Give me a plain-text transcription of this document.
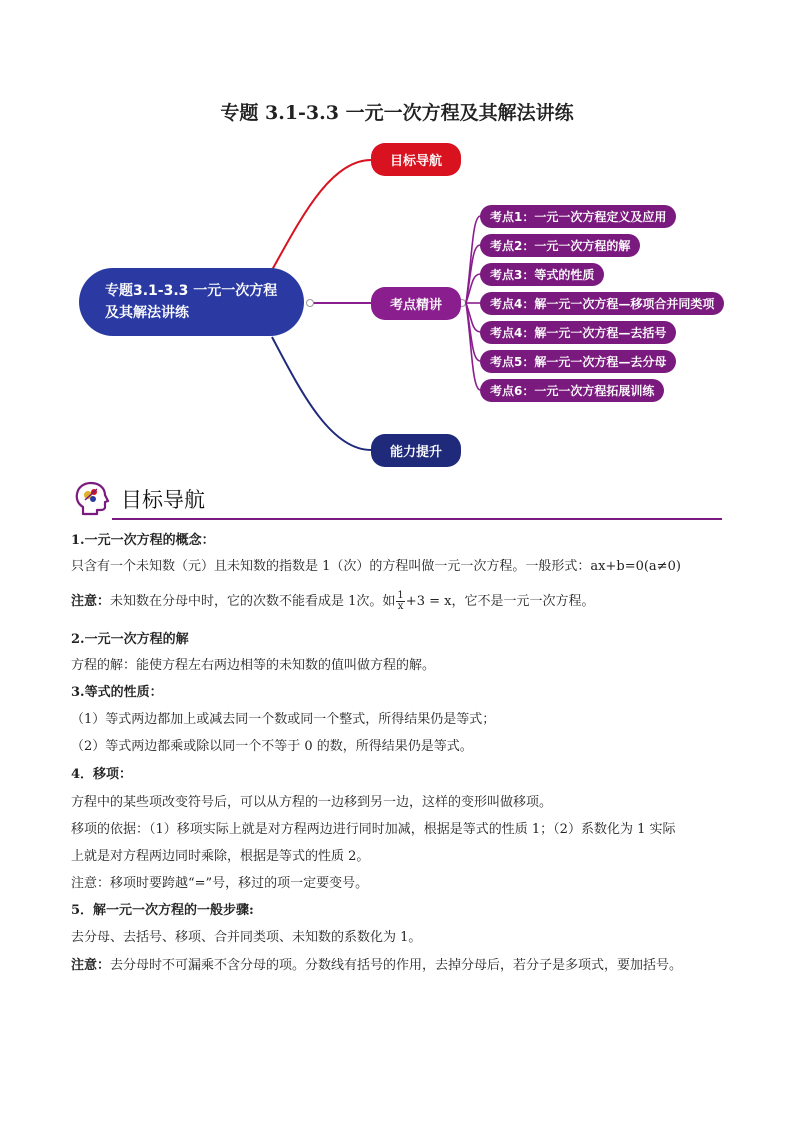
专题 3.1-3.3 一元一次方程及其解法讲练
专题3.1-3.3 一元一次方程
及其解法讲练
目标导航
考点精讲
能力提升
考点1：一元一次方程定义及应用
考点2：一元一次方程的解
考点3：等式的性质
考点4：解一元一次方程—移项合并同类项
考点4：解一元一次方程—去括号
考点5：解一元一次方程—去分母
考点6：一元一次方程拓展训练
目标导航
1.一元一次方程的概念：
只含有一个未知数（元）且未知数的指数是 1（次）的方程叫做一元一次方程。一般形式：ax+b=0(a≠0)
注意：未知数在分母中时，它的次数不能看成是 1次。如 $\frac{1}{x} +3 = x$，它不是一元一次方程。
2.一元一次方程的解
方程的解：能使方程左右两边相等的未知数的值叫做方程的解。
3.等式的性质：
（1）等式两边都加上或减去同一个数或同一个整式，所得结果仍是等式；
（2）等式两边都乘或除以同一个不等于 0 的数，所得结果仍是等式。
4．移项：
方程中的某些项改变符号后，可以从方程的一边移到另一边，这样的变形叫做移项。
移项的依据：（1）移项实际上就是对方程两边进行同时加减，根据是等式的性质 1；（2）系数化为 1 实际
上就是对方程两边同时乘除，根据是等式的性质 2。
注意：移项时要跨越“=”号，移过的项一定要变号。
5．解一元一次方程的一般步骤:
去分母、去括号、移项、合并同类项、未知数的系数化为 1。
注意：去分母时不可漏乘不含分母的项。分数线有括号的作用，去掉分母后，若分子是多项式，要加括号。
